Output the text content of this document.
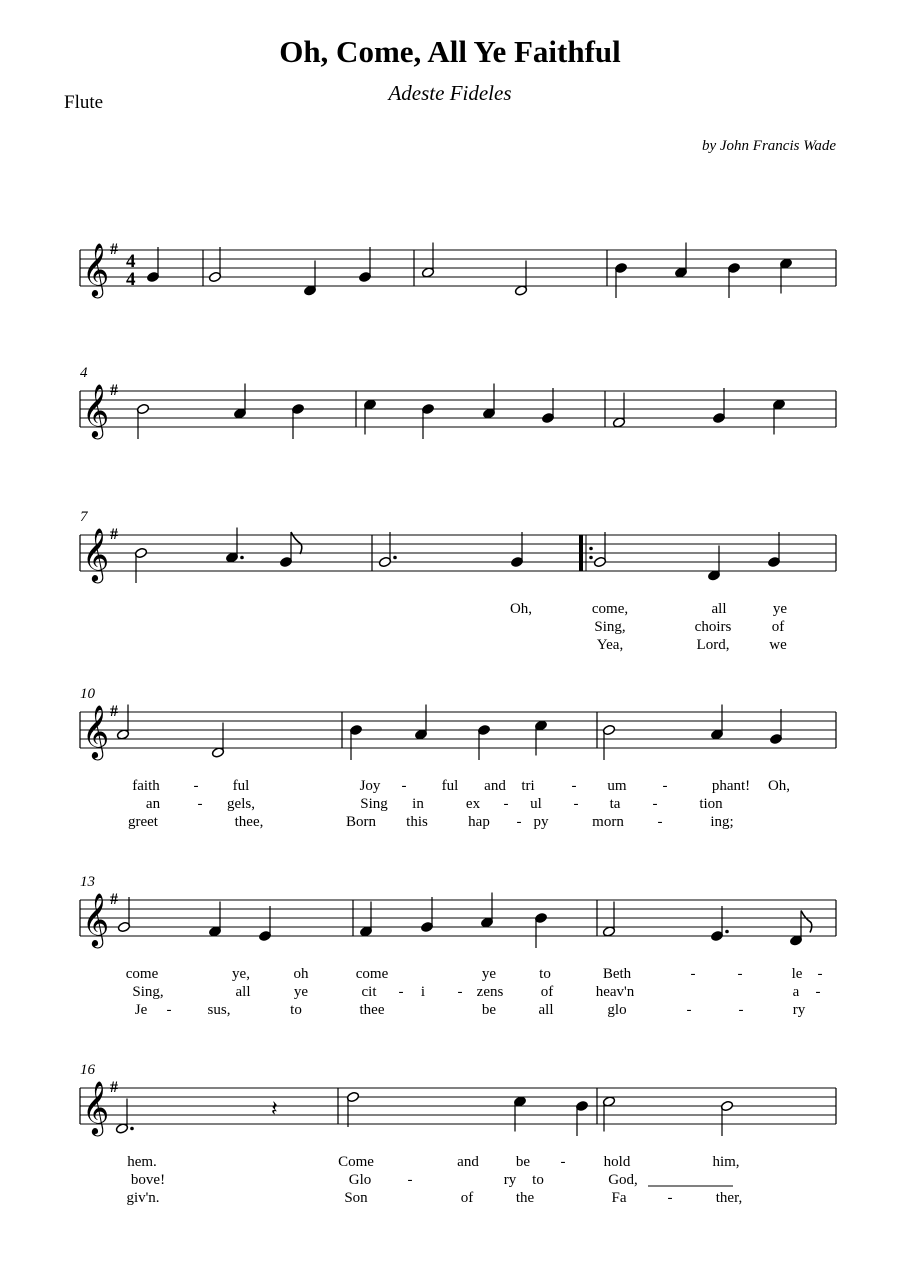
Oh, Come, All Ye Faithful
Adeste Fideles
Flute
by John Francis Wade
𝄞 #
4
4
𝄞 #
4
𝄞 #
7
Oh,	come,	all	ye
Sing,	choirs	of
Yea,	Lord,	we
𝄞 #
10
faith - ful	Joy - ful and tri - um -	phant! Oh,
an - gels,	Sing in	ex - ul - ta -	tion
greet	thee,	Born this	hap - py	morn -	ing;
𝄞 #
13
come	ye,	oh	come	ye	to	Beth	-	-	le -
Sing,	all	ye	cit - i - zens of	heav'n	a -
Je - sus,	to	thee	be	all	glo	-	-	ry
𝄞 #
16
𝄽
hem.	Come	and be -	hold	him,
bove!	Glo -	ry to	God,
giv'n.	Son	of	the	Fa	-	ther,
